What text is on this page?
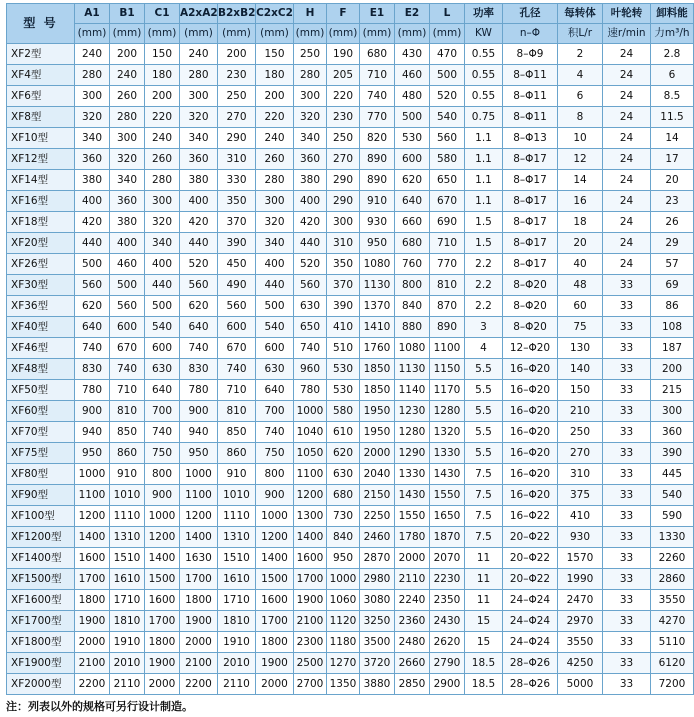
型 号	A1	B1	C1	A2xA2	B2xB2	C2xC2	H	F	E1	E2	L	功率	孔径	每转体	叶轮转	卸料能
	(mm)	(mm)	(mm)	(mm)	(mm)	(mm)	(mm)	(mm)	(mm)	(mm)	(mm)	KW	n–Φ	积L/r	速r/min	力m³/h
XF2型	240	200	150	240	200	150	250	190	680	430	470	0.55	8–Φ9	2	24	2.8
XF4型	280	240	180	280	230	180	280	205	710	460	500	0.55	8–Φ11	4	24	6
XF6型	300	260	200	300	250	200	300	220	740	480	520	0.55	8–Φ11	6	24	8.5
XF8型	320	280	220	320	270	220	320	230	770	500	540	0.75	8–Φ11	8	24	11.5
XF10型	340	300	240	340	290	240	340	250	820	530	560	1.1	8–Φ13	10	24	14
XF12型	360	320	260	360	310	260	360	270	890	600	580	1.1	8–Φ17	12	24	17
XF14型	380	340	280	380	330	280	380	290	890	620	650	1.1	8–Φ17	14	24	20
XF16型	400	360	300	400	350	300	400	290	910	640	670	1.1	8–Φ17	16	24	23
XF18型	420	380	320	420	370	320	420	300	930	660	690	1.5	8–Φ17	18	24	26
XF20型	440	400	340	440	390	340	440	310	950	680	710	1.5	8–Φ17	20	24	29
XF26型	500	460	400	520	450	400	520	350	1080	760	770	2.2	8–Φ17	40	24	57
XF30型	560	500	440	560	490	440	560	370	1130	800	810	2.2	8–Φ20	48	33	69
XF36型	620	560	500	620	560	500	630	390	1370	840	870	2.2	8–Φ20	60	33	86
XF40型	640	600	540	640	600	540	650	410	1410	880	890	3	8–Φ20	75	33	108
XF46型	740	670	600	740	670	600	740	510	1760	1080	1100	4	12–Φ20	130	33	187
XF48型	830	740	630	830	740	630	960	530	1850	1130	1150	5.5	16–Φ20	140	33	200
XF50型	780	710	640	780	710	640	780	530	1850	1140	1170	5.5	16–Φ20	150	33	215
XF60型	900	810	700	900	810	700	1000	580	1950	1230	1280	5.5	16–Φ20	210	33	300
XF70型	940	850	740	940	850	740	1040	610	1950	1280	1320	5.5	16–Φ20	250	33	360
XF75型	950	860	750	950	860	750	1050	620	2000	1290	1330	5.5	16–Φ20	270	33	390
XF80型	1000	910	800	1000	910	800	1100	630	2040	1330	1430	7.5	16–Φ20	310	33	445
XF90型	1100	1010	900	1100	1010	900	1200	680	2150	1430	1550	7.5	16–Φ20	375	33	540
XF100型	1200	1110	1000	1200	1110	1000	1300	730	2250	1550	1650	7.5	16–Φ22	410	33	590
XF1200型	1400	1310	1200	1400	1310	1200	1400	840	2460	1780	1870	7.5	20–Φ22	930	33	1330
XF1400型	1600	1510	1400	1630	1510	1400	1600	950	2870	2000	2070	11	20–Φ22	1570	33	2260
XF1500型	1700	1610	1500	1700	1610	1500	1700	1000	2980	2110	2230	11	20–Φ22	1990	33	2860
XF1600型	1800	1710	1600	1800	1710	1600	1900	1060	3080	2240	2350	11	24–Φ24	2470	33	3550
XF1700型	1900	1810	1700	1900	1810	1700	2100	1120	3250	2360	2430	15	24–Φ24	2970	33	4270
XF1800型	2000	1910	1800	2000	1910	1800	2300	1180	3500	2480	2620	15	24–Φ24	3550	33	5110
XF1900型	2100	2010	1900	2100	2010	1900	2500	1270	3720	2660	2790	18.5	28–Φ26	4250	33	6120
XF2000型	2200	2110	2000	2200	2110	2000	2700	1350	3880	2850	2900	18.5	28–Φ26	5000	33	7200
注：列表以外的规格可另行设计制造。
